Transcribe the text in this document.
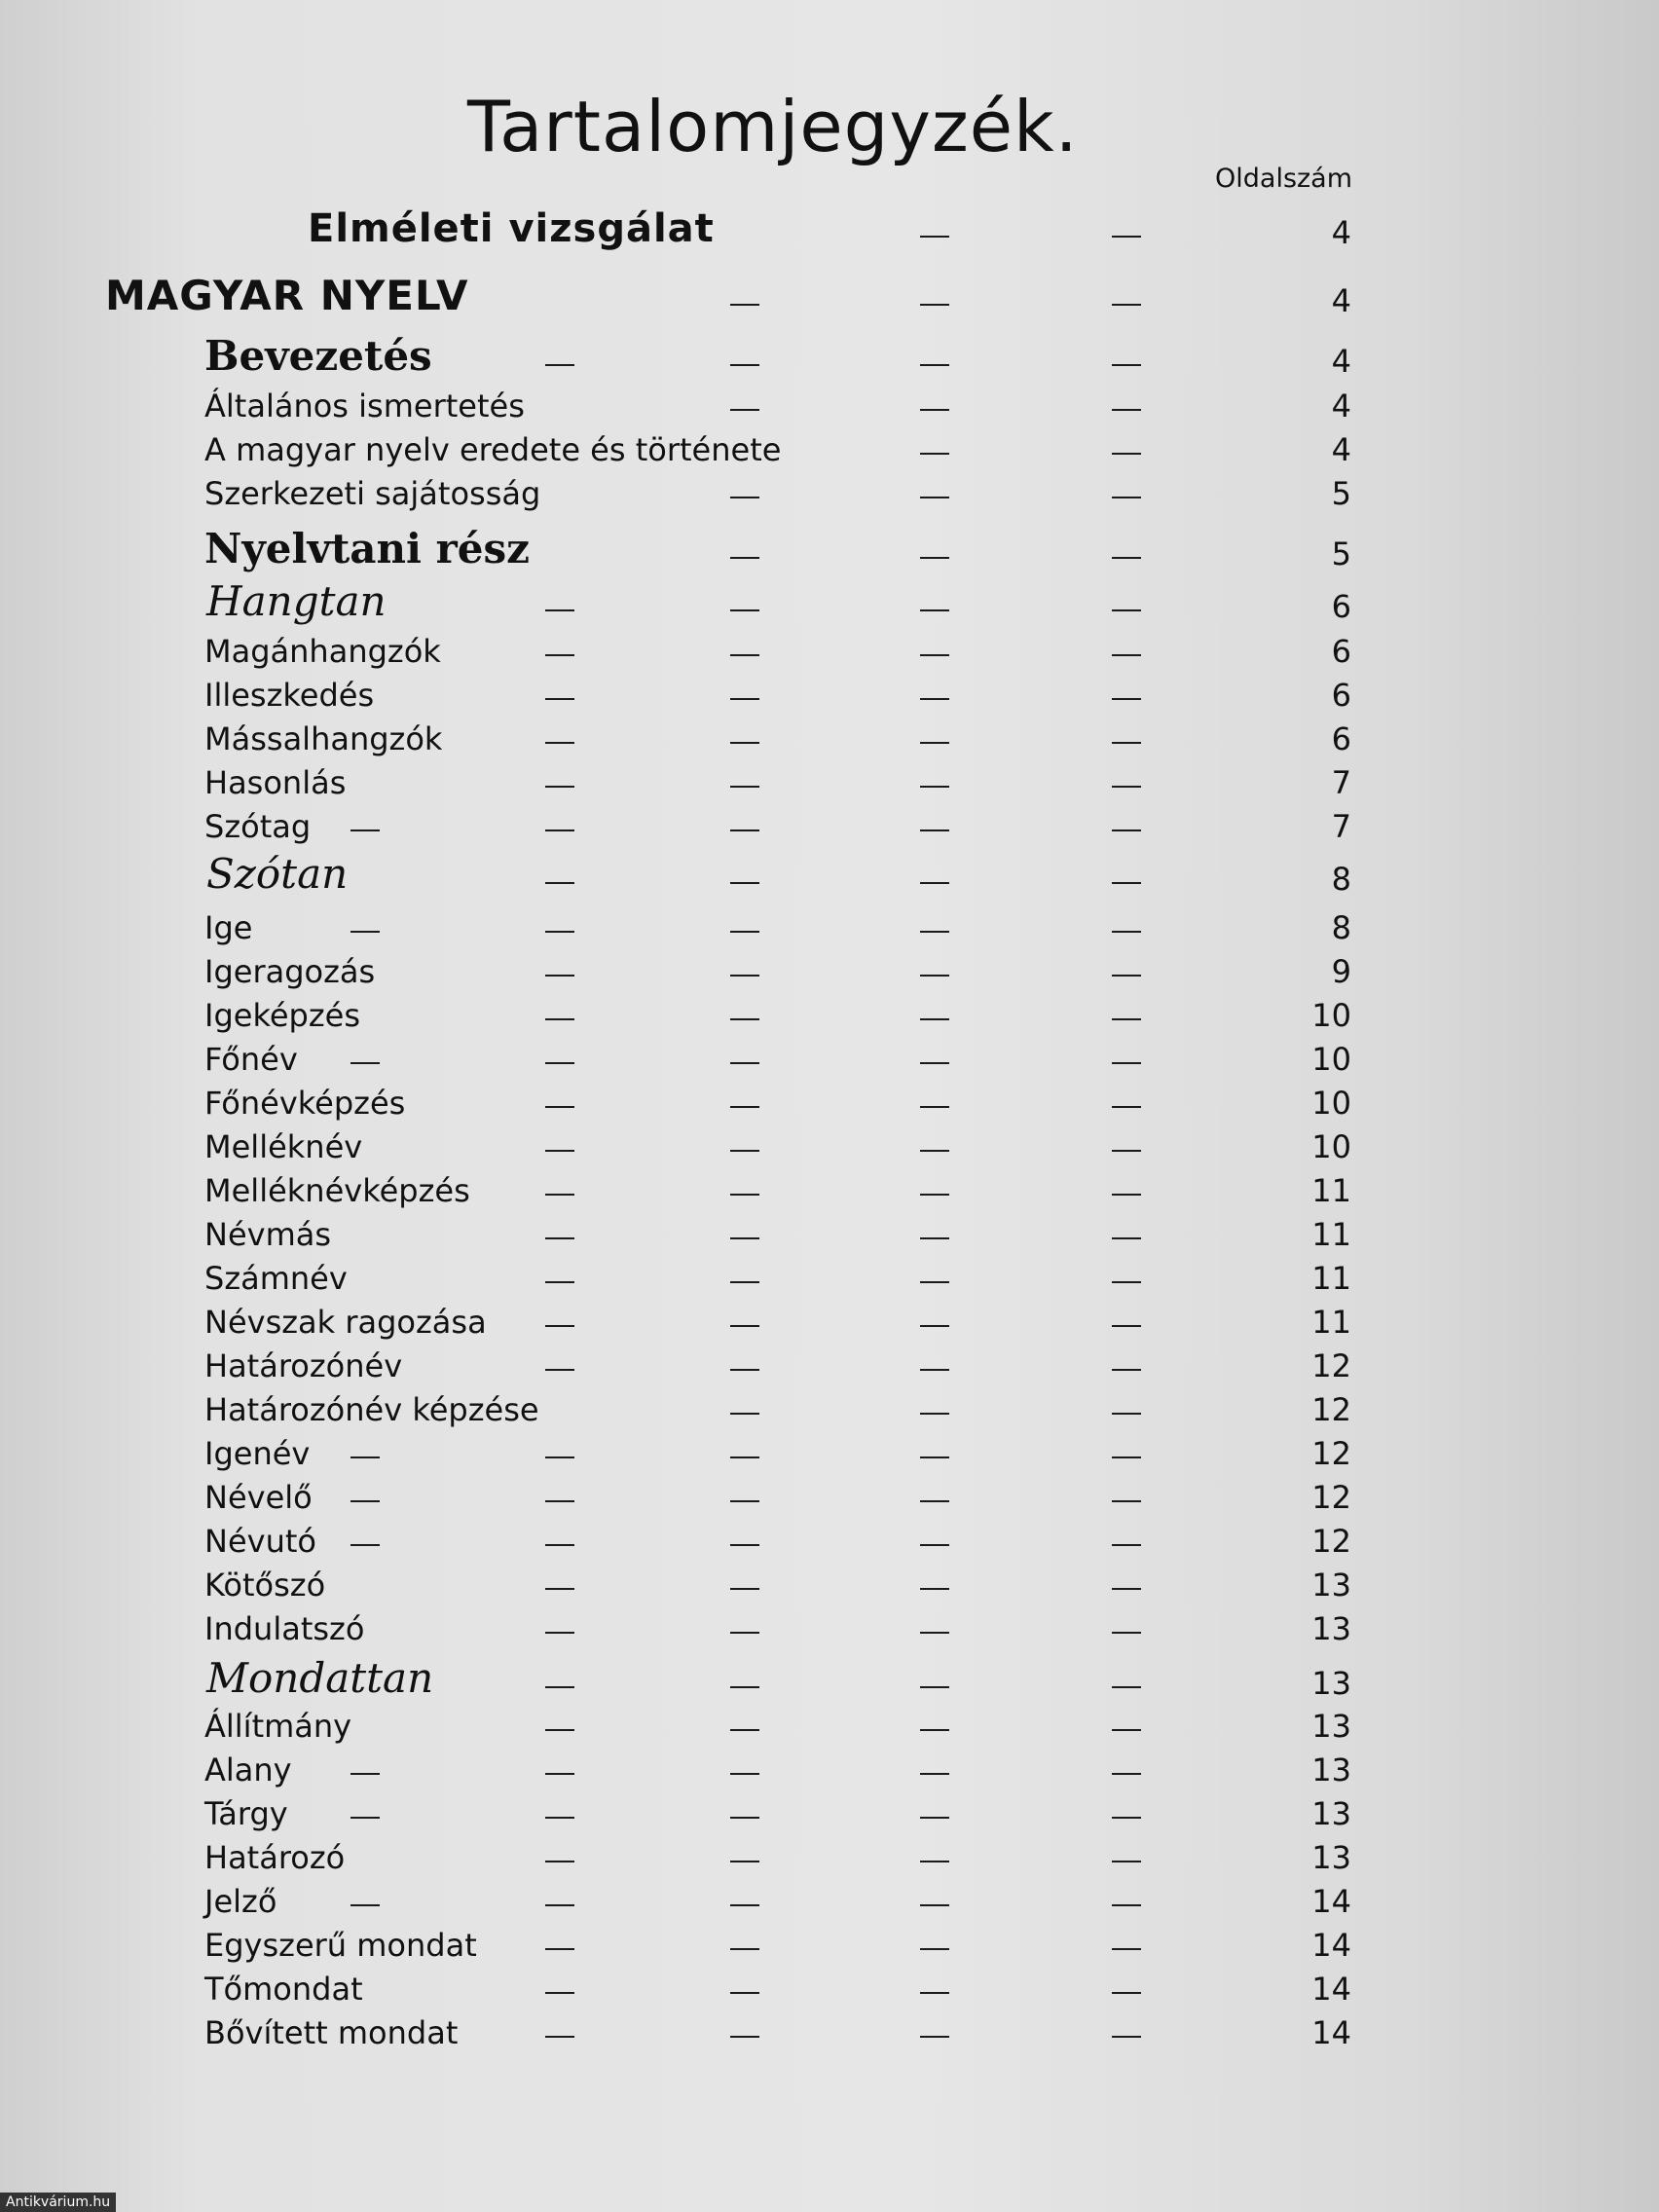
Tartalomjegyzék.
Oldalszám
Elméleti vizsgálat	4
MAGYAR NYELV	4
Bevezetés	4
Általános ismertetés	4
A magyar nyelv eredete és története	4
Szerkezeti sajátosság	5
Nyelvtani rész	5
Hangtan	6
Magánhangzók	6
Illeszkedés	6
Mássalhangzók	6
Hasonlás	7
Szótag	7
Szótan	8
Ige	8
Igeragozás	9
Igeképzés	10
Főnév	10
Főnévképzés	10
Melléknév	10
Melléknévképzés	11
Névmás	11
Számnév	11
Névszak ragozása	11
Határozónév	12
Határozónév képzése	12
Igenév	12
Névelő	12
Névutó	12
Kötőszó	13
Indulatszó	13
Mondattan	13
Állítmány	13
Alany	13
Tárgy	13
Határozó	13
Jelző	14
Egyszerű mondat	14
Tőmondat	14
Bővített mondat	14
Antikvárium.hu
